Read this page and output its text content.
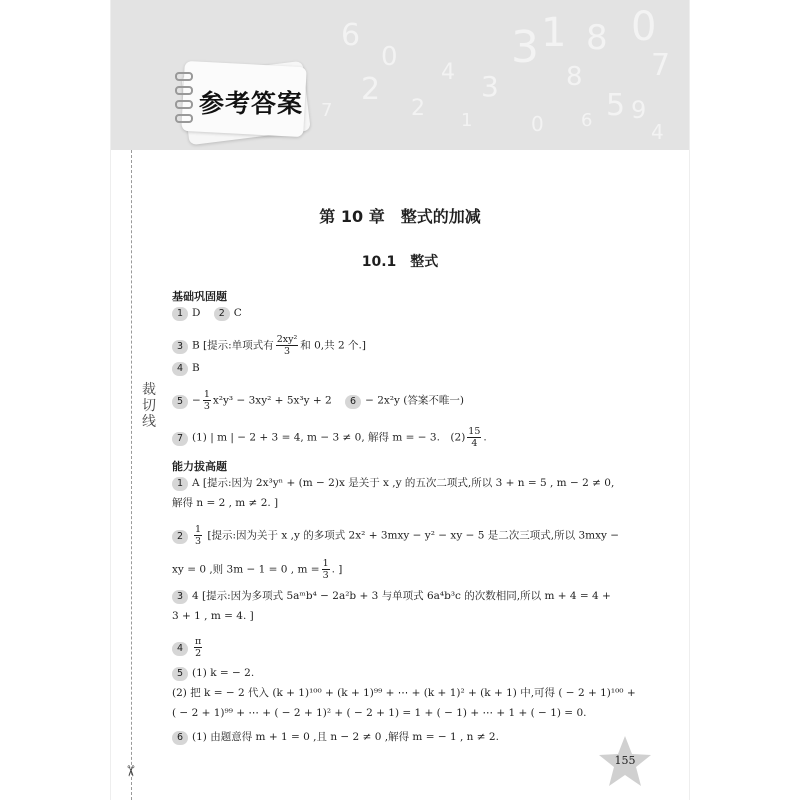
3 1 8 0
7
6
0
2	4 3	8
5 9
2 1	0 6	4
7
参考答案
155
裁切线
✂
第 10 章　整式的加减
10.1　整式
基础巩固题
1 D 2 C
3 B [提示:单项式有 $\frac{\text{2xy²}}{3}$ 和 0,共 2 个.]
4 B
$5 - \frac{1}{3} x^2y^3 - 3xy^2 + 5x^3y + 2$ 6 − 2x²y (答案不唯一)
7 (1) | m | − 2 + 3 = 4, m − 3 ≠ 0, 解得 m = − 3.　$(2) \frac{15}{4}$ .
能力拔高题
1 A [提示:因为 2x³yⁿ + (m − 2)x 是关于 x ,y 的五次二项式,所以 3 + n = 5 , m − 2 ≠ 0,
解得 n = 2 , m ≠ 2. ]
$2 \frac{1}{3}$ [提示:因为关于 x ,y 的多项式 2x² + 3mxy − y² − xy − 5 是二次三项式,所以 3mxy −
xy = 0 ,则 3m − 1 = 0 , $m = \frac{1}{3}$ . ]
3 4 [提示:因为多项式 5aᵐb⁴ − 2a²b + 3 与单项式 6a⁴b³c 的次数相同,所以 m + 4 = 4 +
3 + 1 , m = 4. ]
$4 \frac{\pi}{2}$
5 (1) k = − 2.
(2) 把 k = − 2 代入 (k + 1)¹⁰⁰ + (k + 1)⁹⁹ + ⋯ + (k + 1)² + (k + 1) 中,可得 ( − 2 + 1)¹⁰⁰ +
( − 2 + 1)⁹⁹ + ⋯ + ( − 2 + 1)² + ( − 2 + 1) = 1 + ( − 1) + ⋯ + 1 + ( − 1) = 0.
6 (1) 由题意得 m + 1 = 0 ,且 n − 2 ≠ 0 ,解得 m = − 1 , n ≠ 2.
